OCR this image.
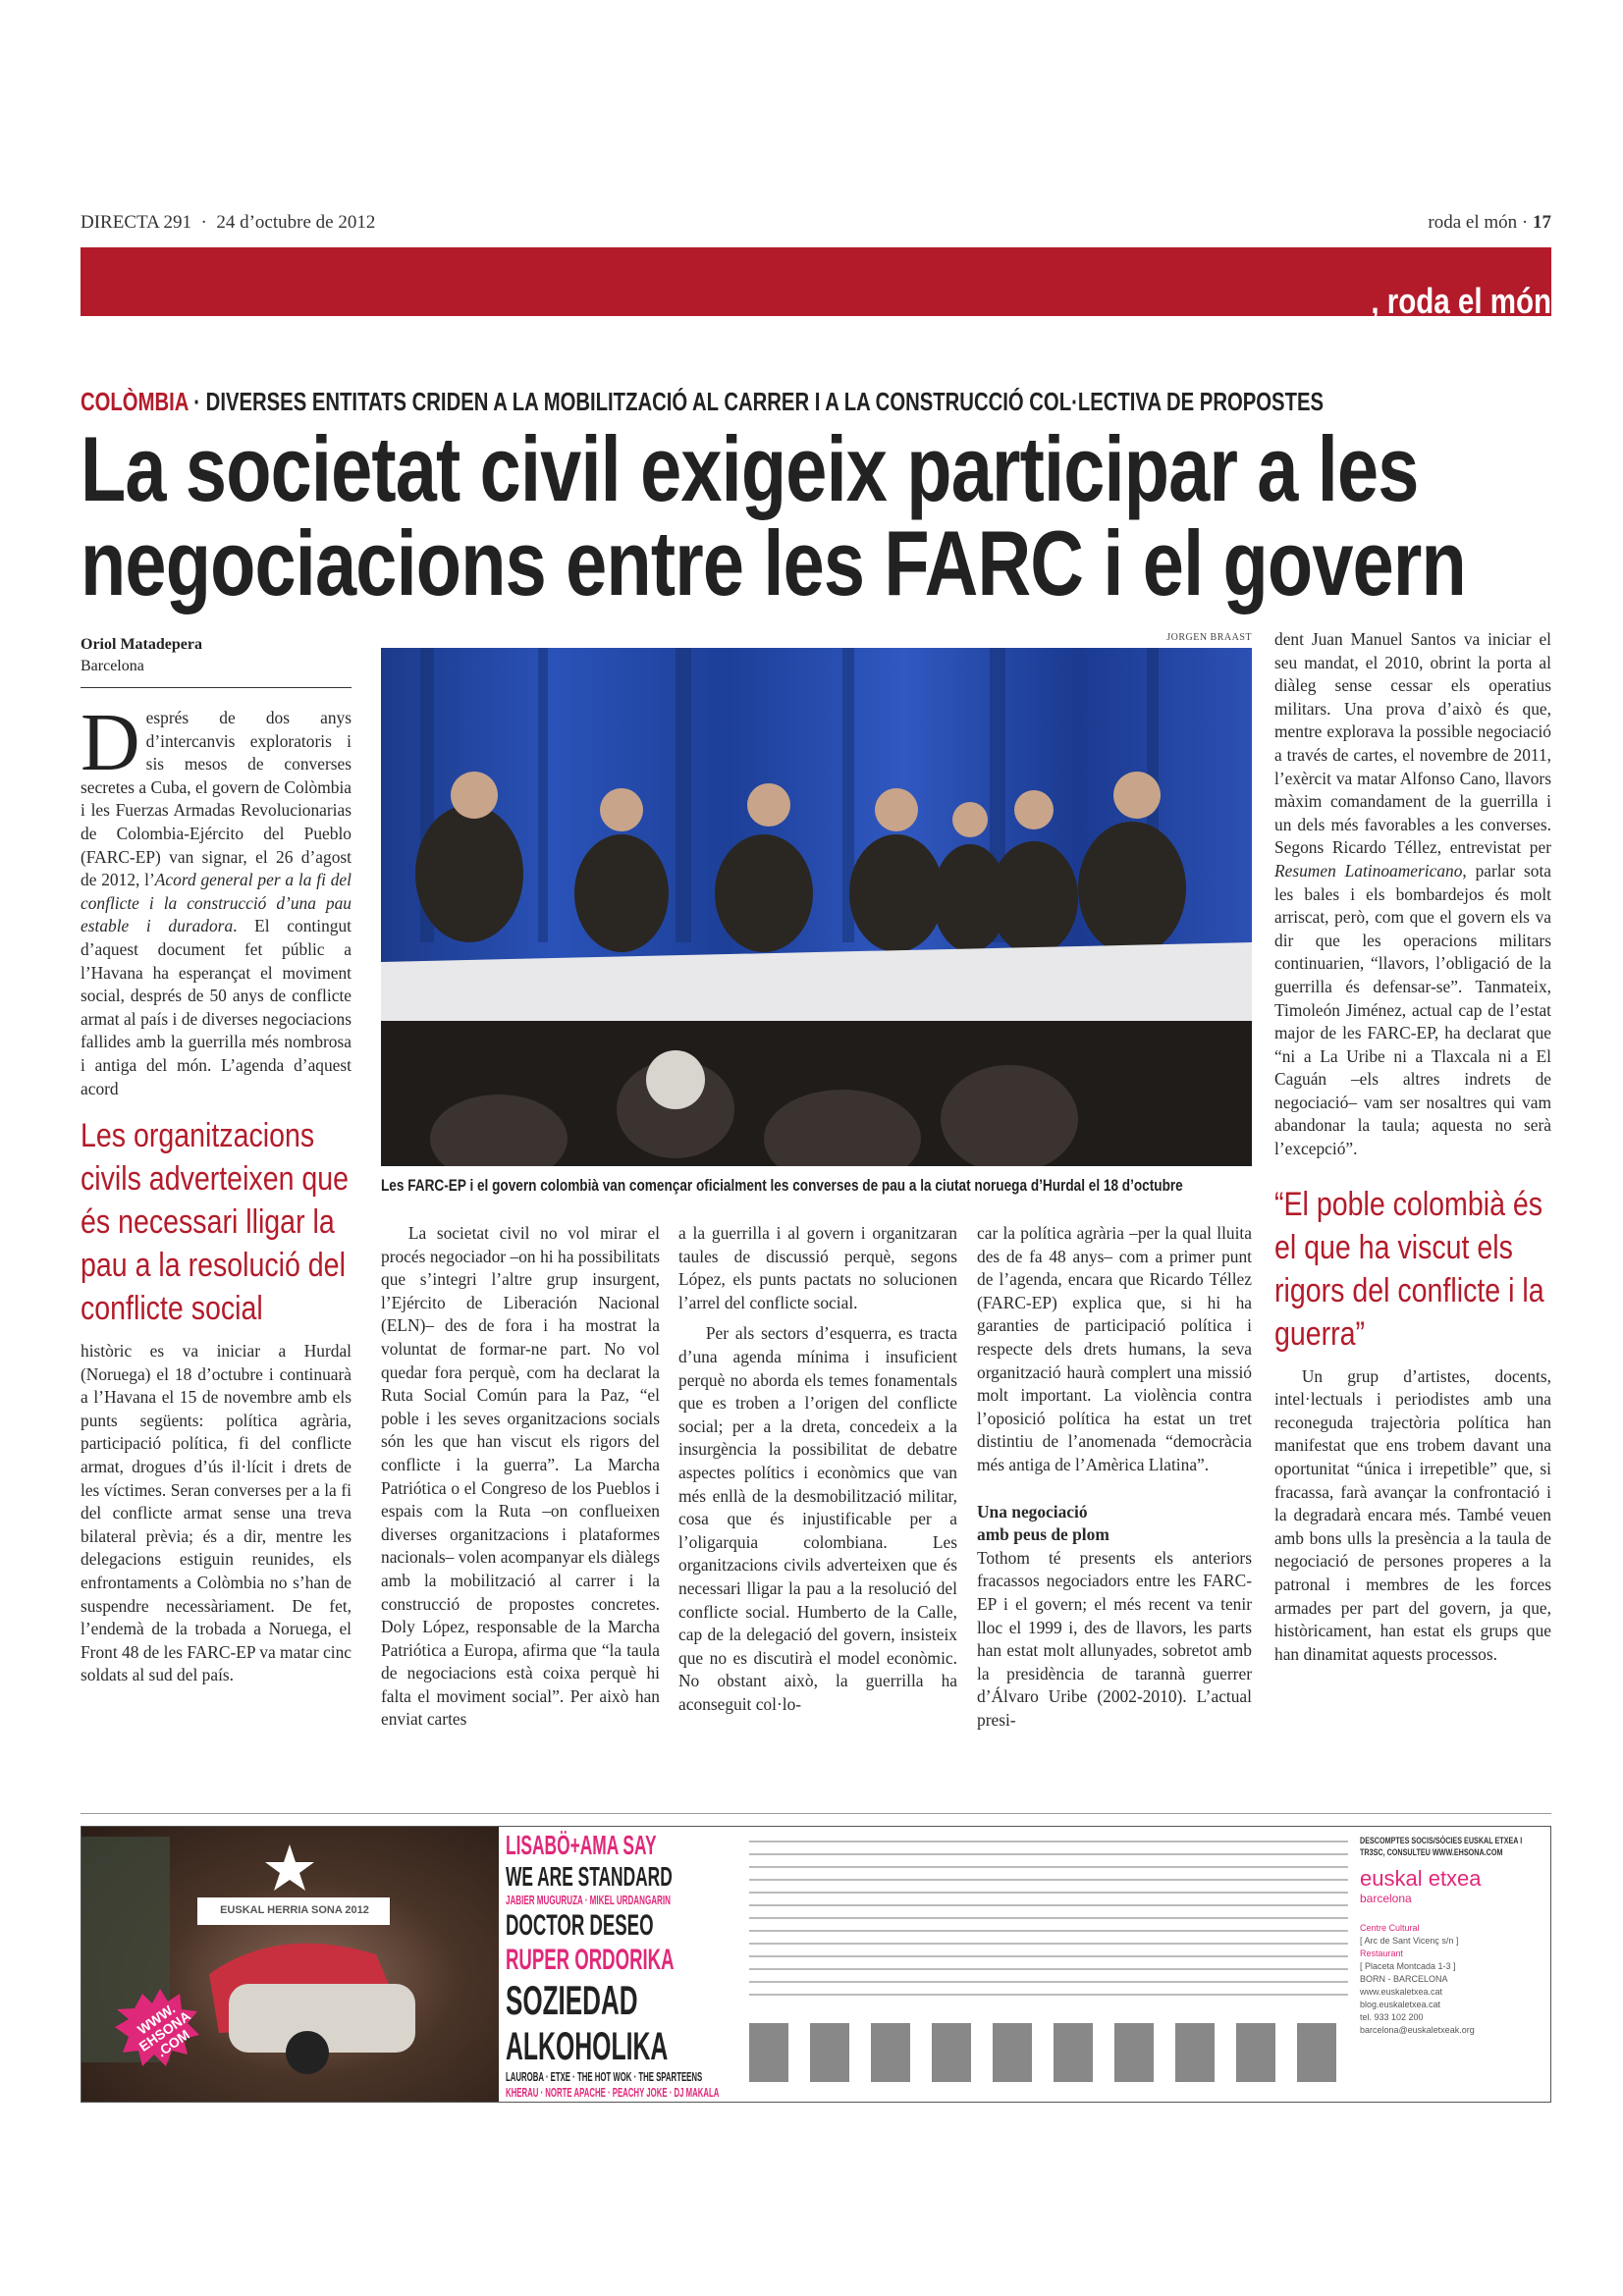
DIRECTA 291  ·  24 d’octubre de 2012	roda el món · 17
, roda el món
COLÒMBIA · DIVERSES ENTITATS CRIDEN A LA MOBILITZACIÓ AL CARRER I A LA CONSTRUCCIÓ COL·LECTIVA DE PROPOSTES
La societat civil exigeix participar a les
negociacions entre les FARC i el govern
Oriol Matadepera
Barcelona

Després de dos anys d’intercanvis exploratoris i sis mesos de converses secretes a Cuba, el govern de Colòmbia i les Fuerzas Armadas Revolucionarias de Colombia-Ejército del Pueblo (FARC-EP) van signar, el 26 d’agost de 2012, l’Acord general per a la fi del conflicte i la construcció d’una pau estable i duradora. El contingut d’aquest document fet públic a l’Havana ha esperançat el moviment social, després de 50 anys de conflicte armat al país i de diverses negociacions fallides amb la guerrilla més nombrosa i antiga del món. L’agenda d’aquest acord

Les organitzacions civils adverteixen que és necessari lligar la pau a la resolució del conflicte social
històric es va iniciar a Hurdal (Noruega) el 18 d’octubre i continuarà a l’Havana el 15 de novembre amb els punts següents: política agrària, participació política, fi del conflicte armat, drogues d’ús il·lícit i drets de les víctimes. Seran converses per a la fi del conflicte armat sense una treva bilateral prèvia; és a dir, mentre les delegacions estiguin reunides, els enfrontaments a Colòmbia no s’han de suspendre necessàriament. De fet, l’endemà de la trobada a Noruega, el Front 48 de les FARC-EP va matar cinc soldats al sud del país.
JORGEN BRAAST
Les FARC-EP i el govern colombià van començar oficialment les converses de pau a la ciutat noruega d’Hurdal el 18 d’octubre

La societat civil no vol mirar el procés negociador –on hi ha possibilitats que s’integri l’altre grup insurgent, l’Ejército de Liberación Nacional (ELN)– des de fora i ha mostrat la voluntat de formar-ne part. No vol quedar fora perquè, com ha declarat la Ruta Social Común para la Paz, “el poble i les seves organitzacions socials són les que han viscut els rigors del conflicte i la guerra”. La Marcha Patriótica o el Congreso de los Pueblos i espais com la Ruta –on conflueixen diverses organitzacions i plataformes nacionals– volen acompanyar els diàlegs amb la mobilització al carrer i la construcció de propostes concretes. Doly López, responsable de la Marcha Patriótica a Europa, afirma que “la taula de negociacions està coixa perquè hi falta el moviment social”. Per això han enviat cartes

a la guerrilla i al govern i organitzaran taules de discussió perquè, segons López, els punts pactats no solucionen l’arrel del conflicte social.

Per als sectors d’esquerra, es tracta d’una agenda mínima i insuficient perquè no aborda els temes fonamentals que es troben a l’origen del conflicte social; per a la dreta, concedeix a la insurgència la possibilitat de debatre aspectes polítics i econòmics que van més enllà de la desmobilització militar, cosa que és injustificable per a l’oligarquia colombiana. Les organitzacions civils adverteixen que és necessari lligar la pau a la resolució del conflicte social. Humberto de la Calle, cap de la delegació del govern, insisteix que no es discutirà el model econòmic. No obstant això, la guerrilla ha aconseguit col·lo-

car la política agrària –per la qual lluita des de fa 48 anys– com a primer punt de l’agenda, encara que Ricardo Téllez (FARC-EP) explica que, si hi ha garanties de participació política i respecte dels drets humans, la seva organització haurà complert una missió molt important. La violència contra l’oposició política ha estat un tret distintiu de l’anomenada “democràcia més antiga de l’Amèrica Llatina”.

Una negociació
amb peus de plom

Tothom té presents els anteriors fracassos negociadors entre les FARC-EP i el govern; el més recent va tenir lloc el 1999 i, des de llavors, les parts han estat molt allunyades, sobretot amb la presidència de tarannà guerrer d’Álvaro Uribe (2002-2010). L’actual presi-

dent Juan Manuel Santos va iniciar el seu mandat, el 2010, obrint la porta al diàleg sense cessar els operatius militars. Una prova d’això és que, mentre explorava la possible negociació a través de cartes, el novembre de 2011, l’exèrcit va matar Alfonso Cano, llavors màxim comandament de la guerrilla i un dels més favorables a les converses. Segons Ricardo Téllez, entrevistat per Resumen Latinoamericano, parlar sota les bales i els bombardejos és molt arriscat, però, com que el govern els va dir que les operacions militars continuarien, “llavors, l’obligació de la guerrilla és defensar-se”. Tanmateix, Timoleón Jiménez, actual cap de l’estat major de les FARC-EP, ha declarat que “ni a La Uribe ni a Tlaxcala ni a El Caguán –els altres indrets de negociació– vam ser nosaltres qui vam abandonar la taula; aquesta no serà l’excepció”.

“El poble colombià és el que ha viscut els rigors del conflicte i la guerra”
Un grup d’artistes, docents, intel·lectuals i periodistes amb una reconeguda trajectòria política han manifestat que ens trobem davant una oportunitat “única i irrepetible” que, si fracassa, farà avançar la confrontació i la degradarà encara més. També veuen amb bons ulls la presència a la taula de negociació de persones properes a la patronal i membres de les forces armades per part del govern, ja que, històricament, han estat els grups que han dinamitat aquests processos.
EUSKAL HERRIA SONA 2012
WWW. EHSONA .COM
LISABÖ+AMA SAY
WE ARE STANDARD
JABIER MUGURUZA · MIKEL URDANGARIN
DOCTOR DESEO
RUPER ORDORIKA
SOZIEDAD
ALKOHOLIKA
LAUROBA · ETXE · THE HOT WOK · THE SPARTEENS
KHERAU · NORTE APACHE · PEACHY JOKE · DJ MAKALA
DESCOMPTES SOCIS/SÒCIES EUSKAL ETXEA I TR3SC, CONSULTEU WWW.EHSONA.COM
euskal etxea
barcelona
Centre Cultural
[ Arc de Sant Vicenç s/n ]
Restaurant
[ Placeta Montcada 1-3 ]
BORN - BARCELONA
www.euskaletxea.cat
blog.euskaletxea.cat
tel. 933 102 200
barcelona@euskaletxeak.org
